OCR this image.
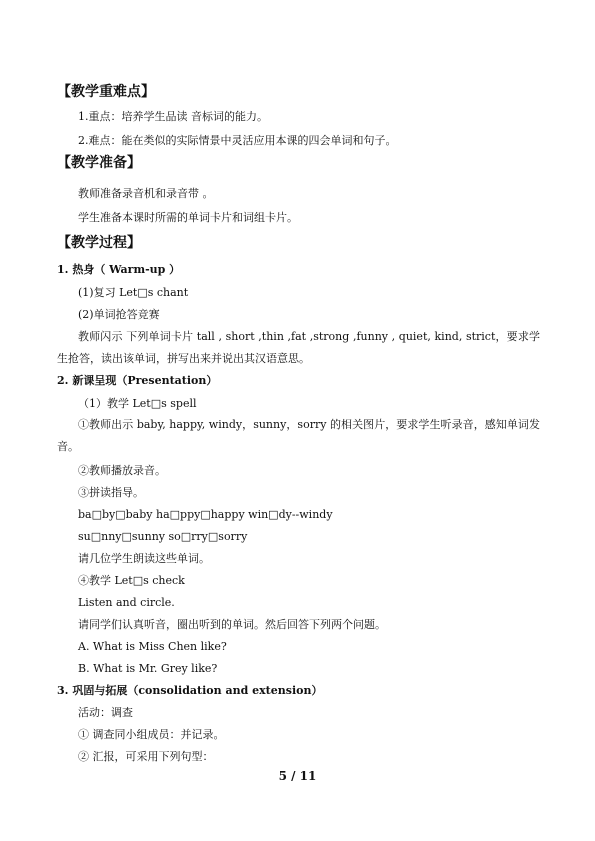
【教学重难点】
1.重点：培养学生品读 音标词的能力。
2.难点：能在类似的实际情景中灵活应用本课的四会单词和句子。
【教学准备】
教师准备录音机和录音带 。
学生准备本课时所需的单词卡片和词组卡片。
【教学过程】
1. 热身（ Warm-up ）
(1)复习 Let□s chant
(2)单词抢答竞赛
教师闪示 下列单词卡片 tall , short ,thin ,fat ,strong ,funny , quiet, kind, strict，要求学生抢答，读出该单词，拼写出来并说出其汉语意思。
2. 新课呈现（Presentation）
（1）教学 Let□s spell
①教师出示 baby, happy, windy，sunny，sorry 的相关图片，要求学生听录音，感知单词发音。
②教师播放录音。
③拼读指导。
ba□by□baby ha□ppy□happy win□dy--windy
su□nny□sunny so□rry□sorry
请几位学生朗读这些单词。
④教学 Let□s check
Listen and circle.
请同学们认真听音，圈出听到的单词。然后回答下列两个问题。
A. What is Miss Chen like?
B. What is Mr. Grey like?
3. 巩固与拓展（consolidation and extension）
活动：调查
① 调查同小组成员：并记录。
② 汇报，可采用下列句型：
5 / 11
